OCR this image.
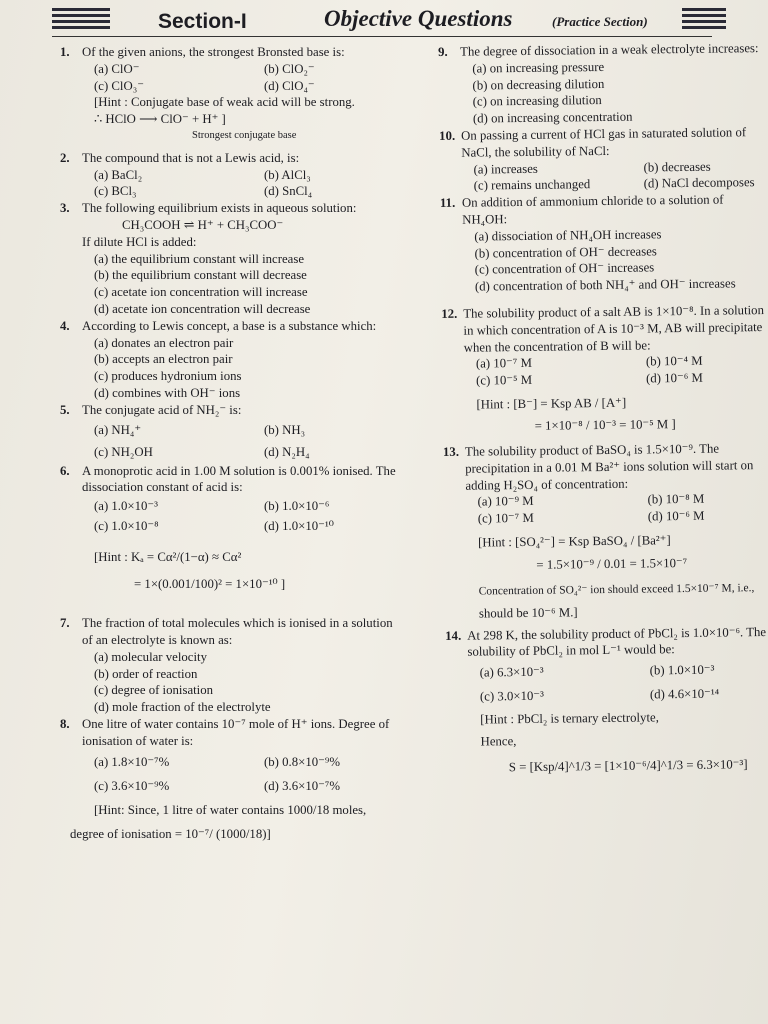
Section-I	Objective Questions	(Practice Section)
1. Of the given anions, the strongest Bronsted base is:
(a) ClO⁻	(b) ClO₂⁻
(c) ClO₃⁻	(d) ClO₄⁻
[Hint : Conjugate base of weak acid will be strong.
∴ HClO ⟶ ClO⁻ + H⁺ ]
Strongest conjugate base
2. The compound that is not a Lewis acid, is:
(a) BaCl₂	(b) AlCl₃
(c) BCl₃	(d) SnCl₄
3. The following equilibrium exists in aqueous solution:
CH₃COOH ⇌ H⁺ + CH₃COO⁻
If dilute HCl is added:
(a) the equilibrium constant will increase
(b) the equilibrium constant will decrease
(c) acetate ion concentration will increase
(d) acetate ion concentration will decrease
4. According to Lewis concept, a base is a substance which:
(a) donates an electron pair
(b) accepts an electron pair
(c) produces hydronium ions
(d) combines with OH⁻ ions
5. The conjugate acid of NH₂⁻ is:
(a) NH₄⁺	(b) NH₃
(c) NH₂OH	(d) N₂H₄
6. A monoprotic acid in 1.00 M solution is 0.001% ionised. The dissociation constant of acid is:
(a) 1.0×10⁻³	(b) 1.0×10⁻⁶
(c) 1.0×10⁻⁸	(d) 1.0×10⁻¹⁰
[Hint : Kₐ = Cα²/(1−α) ≈ Cα²
= 1×(0.001/100)² = 1×10⁻¹⁰ ]
7. The fraction of total molecules which is ionised in a solution of an electrolyte is known as:
(a) molecular velocity
(b) order of reaction
(c) degree of ionisation
(d) mole fraction of the electrolyte
8. One litre of water contains 10⁻⁷ mole of H⁺ ions. Degree of ionisation of water is:
(a) 1.8×10⁻⁷%	(b) 0.8×10⁻⁹%
(c) 3.6×10⁻⁹%	(d) 3.6×10⁻⁷%
[Hint: Since, 1 litre of water contains 1000/18 moles,
degree of ionisation = 10⁻⁷/ (1000/18)]
9. The degree of dissociation in a weak electrolyte increases:
(a) on increasing pressure
(b) on decreasing dilution
(c) on increasing dilution
(d) on increasing concentration
10. On passing a current of HCl gas in saturated solution of NaCl, the solubility of NaCl:
(a) increases	(b) decreases
(c) remains unchanged	(d) NaCl decomposes
11. On addition of ammonium chloride to a solution of NH₄OH:
(a) dissociation of NH₄OH increases
(b) concentration of OH⁻ decreases
(c) concentration of OH⁻ increases
(d) concentration of both NH₄⁺ and OH⁻ increases
12. The solubility product of a salt AB is 1×10⁻⁸. In a solution in which concentration of A is 10⁻³ M, AB will precipitate when the concentration of B will be:
(a) 10⁻⁷ M	(b) 10⁻⁴ M
(c) 10⁻⁵ M	(d) 10⁻⁶ M
[Hint : [B⁻] = Ksp AB / [A⁺]
= 1×10⁻⁸ / 10⁻³ = 10⁻⁵ M ]
13. The solubility product of BaSO₄ is 1.5×10⁻⁹. The precipitation in a 0.01 M Ba²⁺ ions solution will start on adding H₂SO₄ of concentration:
(a) 10⁻⁹ M	(b) 10⁻⁸ M
(c) 10⁻⁷ M	(d) 10⁻⁶ M
[Hint : [SO₄²⁻] = Ksp BaSO₄ / [Ba²⁺]
= 1.5×10⁻⁹ / 0.01 = 1.5×10⁻⁷
Concentration of SO₄²⁻ ion should exceed 1.5×10⁻⁷ M, i.e.,
should be 10⁻⁶ M.]
14. At 298 K, the solubility product of PbCl₂ is 1.0×10⁻⁶. The solubility of PbCl₂ in mol L⁻¹ would be:
(a) 6.3×10⁻³	(b) 1.0×10⁻³
(c) 3.0×10⁻³	(d) 4.6×10⁻¹⁴
[Hint : PbCl₂ is ternary electrolyte,
Hence,
S = [Ksp/4]^1/3 = [1×10⁻⁶/4]^1/3 = 6.3×10⁻³]
